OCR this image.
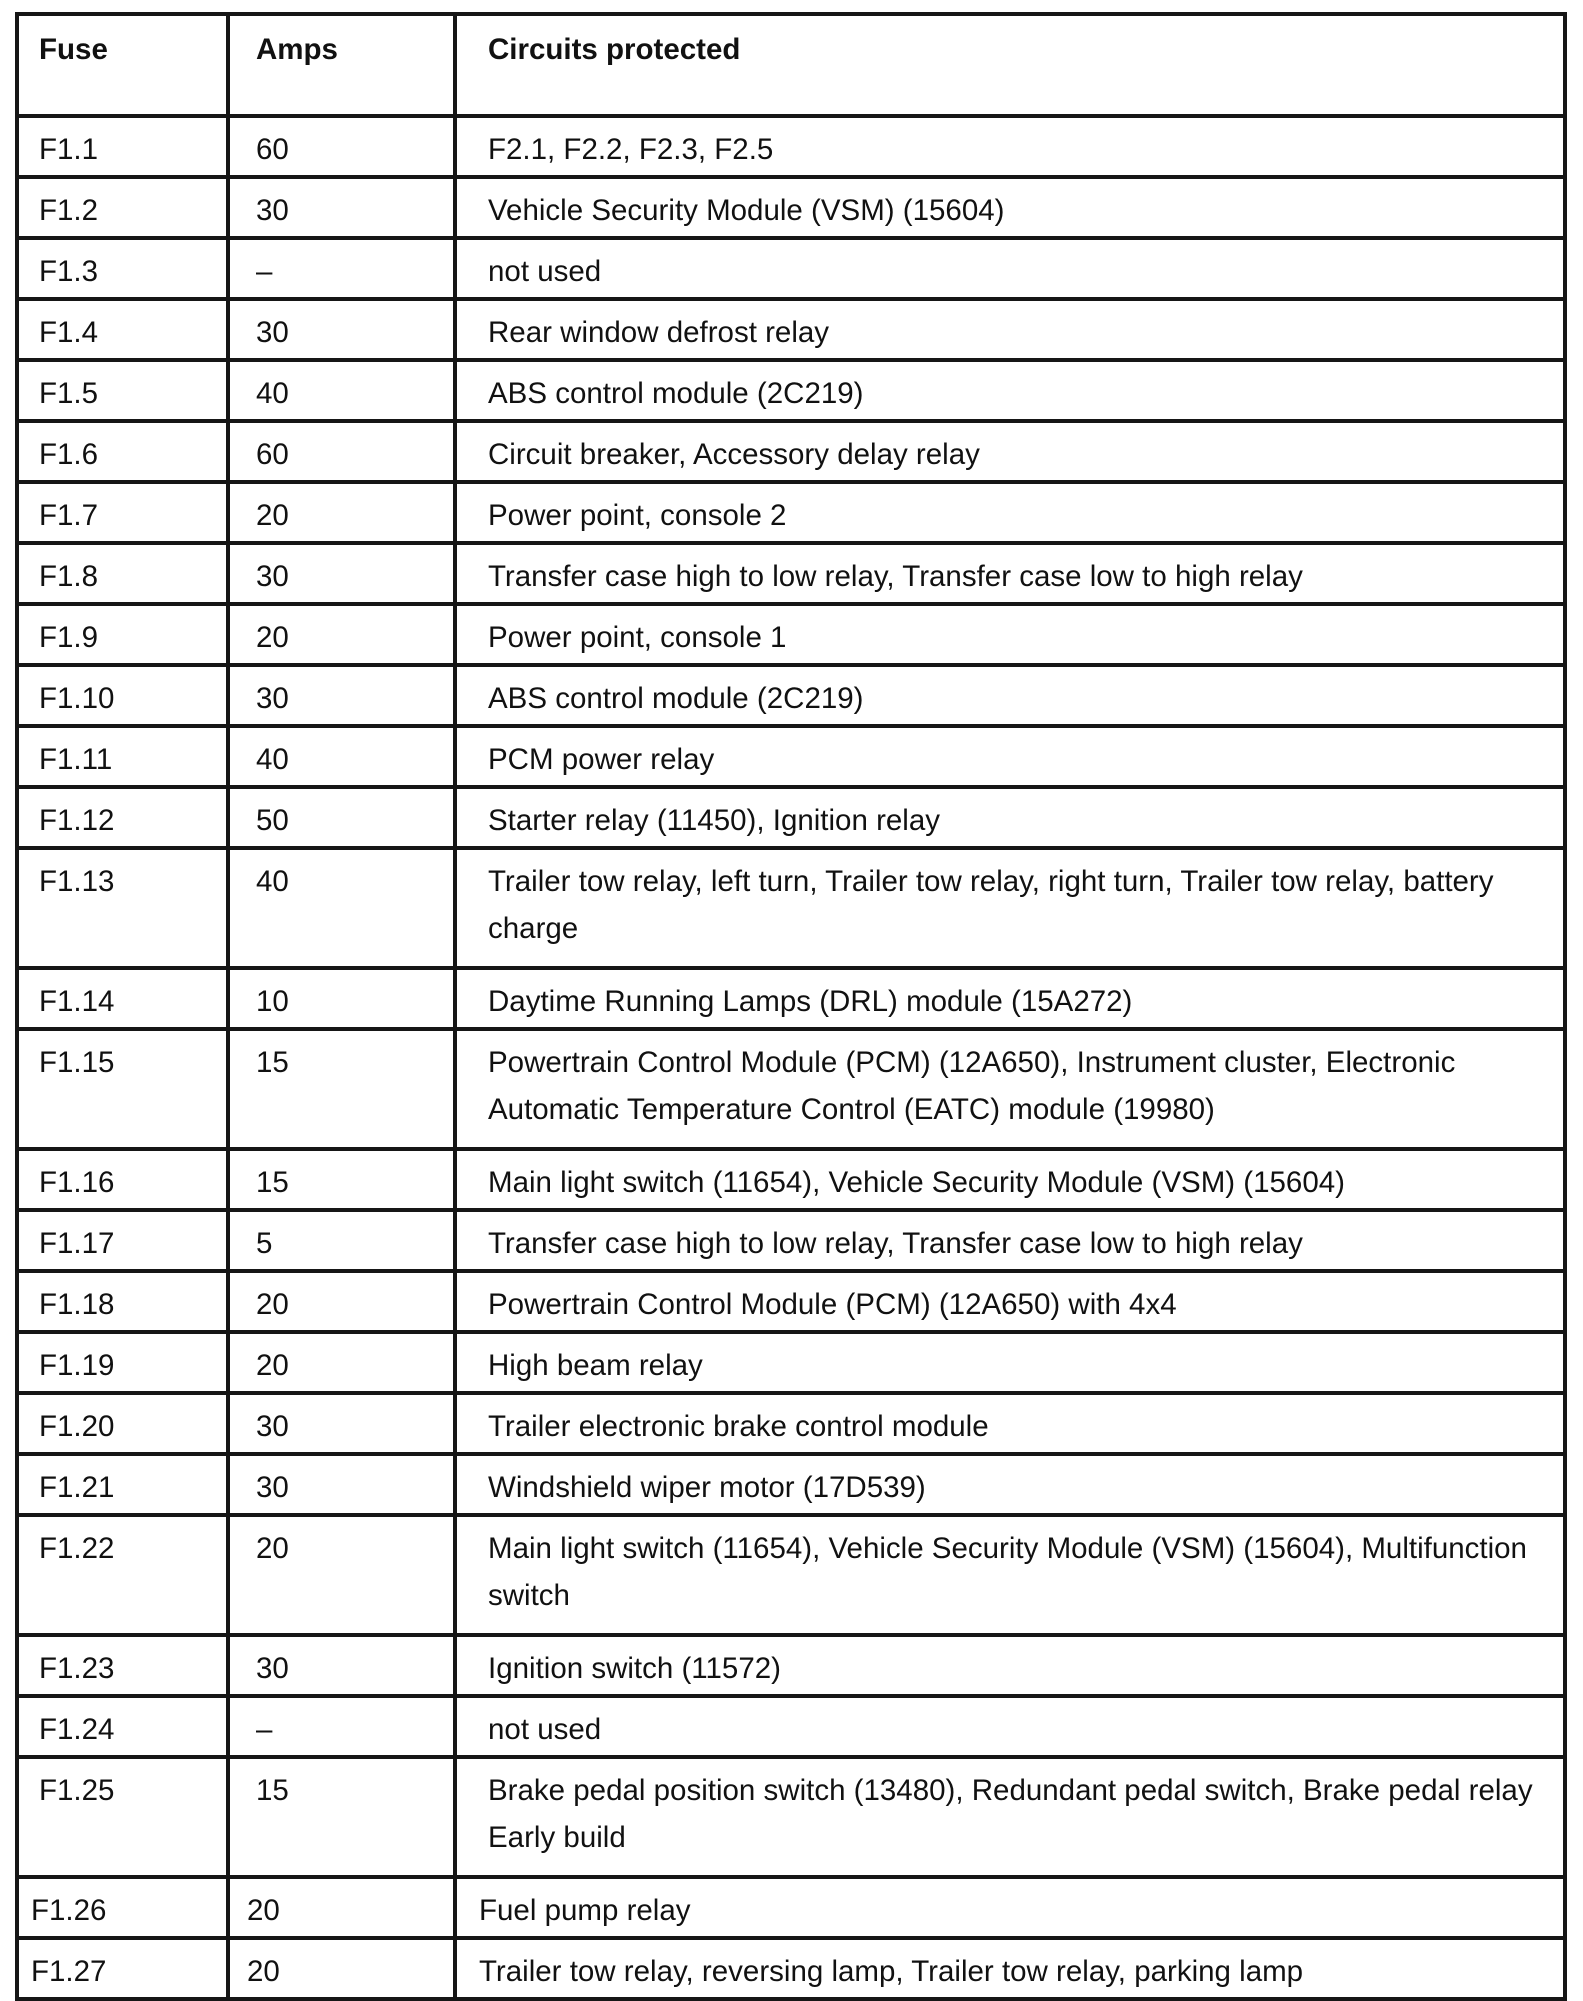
Fuse	Amps	Circuits protected
F1.1	60	F2.1, F2.2, F2.3, F2.5
F1.2	30	Vehicle Security Module (VSM) (15604)
F1.3	–	not used
F1.4	30	Rear window defrost relay
F1.5	40	ABS control module (2C219)
F1.6	60	Circuit breaker, Accessory delay relay
F1.7	20	Power point, console 2
F1.8	30	Transfer case high to low relay, Transfer case low to high relay
F1.9	20	Power point, console 1
F1.10	30	ABS control module (2C219)
F1.11	40	PCM power relay
F1.12	50	Starter relay (11450), Ignition relay
F1.13	40	Trailer tow relay, left turn, Trailer tow relay, right turn, Trailer tow relay, battery charge
F1.14	10	Daytime Running Lamps (DRL) module (15A272)
F1.15	15	Powertrain Control Module (PCM) (12A650), Instrument cluster, Electronic Automatic Temperature Control (EATC) module (19980)
F1.16	15	Main light switch (11654), Vehicle Security Module (VSM) (15604)
F1.17	5	Transfer case high to low relay, Transfer case low to high relay
F1.18	20	Powertrain Control Module (PCM) (12A650) with 4x4
F1.19	20	High beam relay
F1.20	30	Trailer electronic brake control module
F1.21	30	Windshield wiper motor (17D539)
F1.22	20	Main light switch (11654), Vehicle Security Module (VSM) (15604), Multifunction switch
F1.23	30	Ignition switch (11572)
F1.24	–	not used
F1.25	15	Brake pedal position switch (13480), Redundant pedal switch, Brake pedal relay Early build
F1.26	20	Fuel pump relay
F1.27	20	Trailer tow relay, reversing lamp, Trailer tow relay, parking lamp
